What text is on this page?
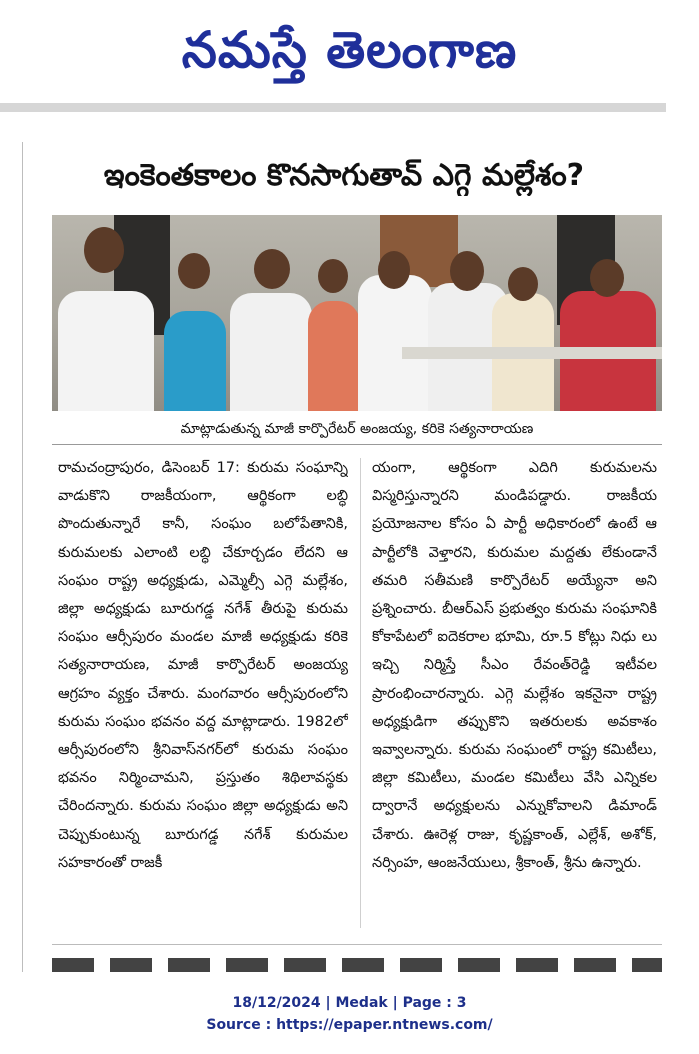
నమస్తే తెలంగాణ
ఇంకెంతకాలం కొనసాగుతావ్ ఎగ్గె మల్లేశం?
మాట్లాడుతున్న మాజీ కార్పొరేటర్ అంజయ్య, కరికె సత్యనారాయణ
రామచంద్రాపురం, డిసెంబర్ 17: కురుమ సంఘాన్ని వాడుకొని రాజకీయంగా, ఆర్థికంగా లబ్ధి పొందుతున్నారే కానీ, సంఘం బలోపేతానికి, కురుమలకు ఎలాంటి లబ్ధి చేకూర్చడం లేదని ఆ సంఘం రాష్ట్ర అధ్యక్షుడు, ఎమ్మెల్సీ ఎగ్గె మల్లేశం, జిల్లా అధ్యక్షుడు బూరుగడ్డ నగేశ్ తీరుపై కురుమ సంఘం ఆర్సీపురం మండల మాజీ అధ్యక్షుడు కరికె సత్యనారాయణ, మాజీ కార్పొరేటర్ అంజయ్య ఆగ్రహం వ్యక్తం చేశారు. మంగవారం ఆర్సీపురంలోని కురుమ సంఘం భవనం వద్ద మాట్లాడారు. 1982లో ఆర్సీపురంలోని శ్రీనివాస్‌నగర్‌లో కురుమ సంఘం భవనం నిర్మించామని, ప్రస్తుతం శిథిలావస్థకు చేరిందన్నారు. కురుమ సంఘం జిల్లా అధ్యక్షుడు అని చెప్పుకుంటున్న బూరుగడ్డ నగేశ్ కురుమల సహకారంతో రాజకీ
యంగా, ఆర్థికంగా ఎదిగి కురుమలను విస్మరిస్తున్నారని మండిపడ్డారు. రాజకీయ ప్రయోజనాల కోసం ఏ పార్టీ అధికారంలో ఉంటే ఆ పార్టీలోకి వెళ్తారని, కురుమల మద్దతు లేకుండానే తమరి సతీమణి కార్పొరేటర్ అయ్యేనా అని ప్రశ్నించారు. బీఆర్ఎస్ ప్రభుత్వం కురుమ సంఘానికి కోకాపేటలో ఐదెకరాల భూమి, రూ.5 కోట్లు నిధు లు ఇచ్చి నిర్మిస్తే సీఎం రేవంత్‌రెడ్డి ఇటీవల ప్రారంభించారన్నారు. ఎగ్గె మల్లేశం ఇకనైనా రాష్ట్ర అధ్యక్షుడిగా తప్పుకొని ఇతరులకు అవకాశం ఇవ్వాలన్నారు. కురుమ సంఘంలో రాష్ట్ర కమిటీలు, జిల్లా కమిటీలు, మండల కమిటీలు వేసి ఎన్నికల ద్వారానే అధ్యక్షులను ఎన్నుకోవాలని డిమాండ్ చేశారు. ఊరెళ్ల రాజు, కృష్ణకాంత్, ఎల్లేశ్, అశోక్, నర్సింహ, ఆంజనేయులు, శ్రీకాంత్, శ్రీను ఉన్నారు.
18/12/2024 | Medak | Page : 3
Source : https://epaper.ntnews.com/
